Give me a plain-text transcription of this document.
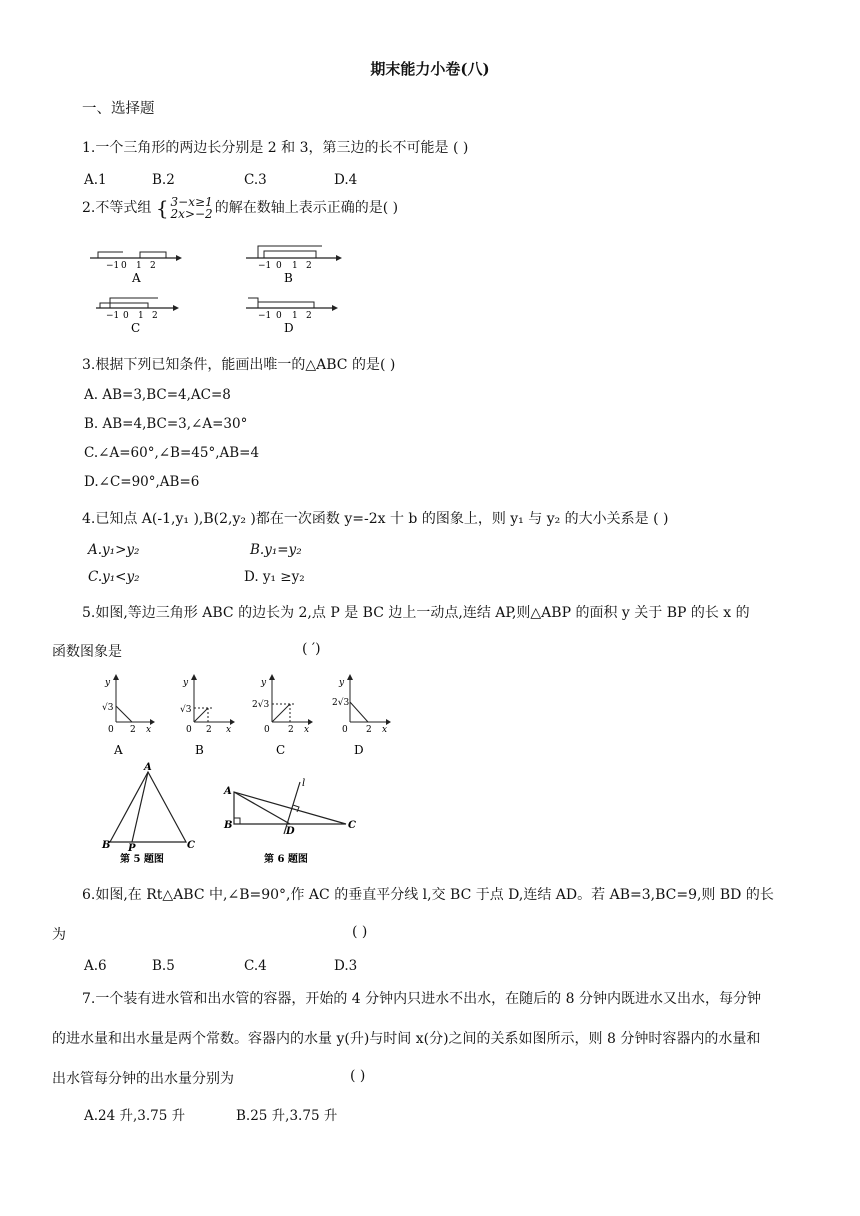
期末能力小卷(八)
一、选择题
1.一个三角形的两边长分别是 2 和 3，第三边的长不可能是 ( )
A.1	B.2	C.3	D.4
2.不等式组 { 3−x≥1
2x>−2 的解在数轴上表示正确的是( )
−1 0 1 2
A
−1 0 1 2
C
−1 0 1 2
B
−1 0 1 2
D
3.根据下列已知条件，能画出唯一的△ABC 的是( )
A. AB=3,BC=4,AC=8
B. AB=4,BC=3,∠A=30°
C.∠A=60°,∠B=45°,AB=4
D.∠C=90°,AB=6
4.已知点 A(-1,y₁ ),B(2,y₂ )都在一次函数 y=-2x 十 b 的图象上，则 y₁ 与 y₂ 的大小关系是 ( )
A.y₁>y₂	B.y₁=y₂
C.y₁<y₂	D. y₁ ≥y₂
5.如图,等边三角形 ABC 的边长为 2,点 P 是 BC 边上一动点,连结 AP,则△ABP 的面积 y 关于 BP 的长 x 的
函数图象是	( ′)
y
√3
0 2 x
A
y
√3
0 2 x
B
y
2√3
0 2 x
C
y
2√3
0 2 x
D
A
B P	C
第 5 题图
A
B
D
C
l
第 6 题图
6.如图,在 Rt△ABC 中,∠B=90°,作 AC 的垂直平分线 l,交 BC 于点 D,连结 AD。若 AB=3,BC=9,则 BD 的长
为	( )
A.6	B.5	C.4	D.3
7.一个装有进水管和出水管的容器，开始的 4 分钟内只进水不出水，在随后的 8 分钟内既进水又出水，每分钟
的进水量和出水量是两个常数。容器内的水量 y(升)与时间 x(分)之间的关系如图所示，则 8 分钟时容器内的水量和
出水管每分钟的出水量分别为	( )
A.24 升,3.75 升	B.25 升,3.75 升
